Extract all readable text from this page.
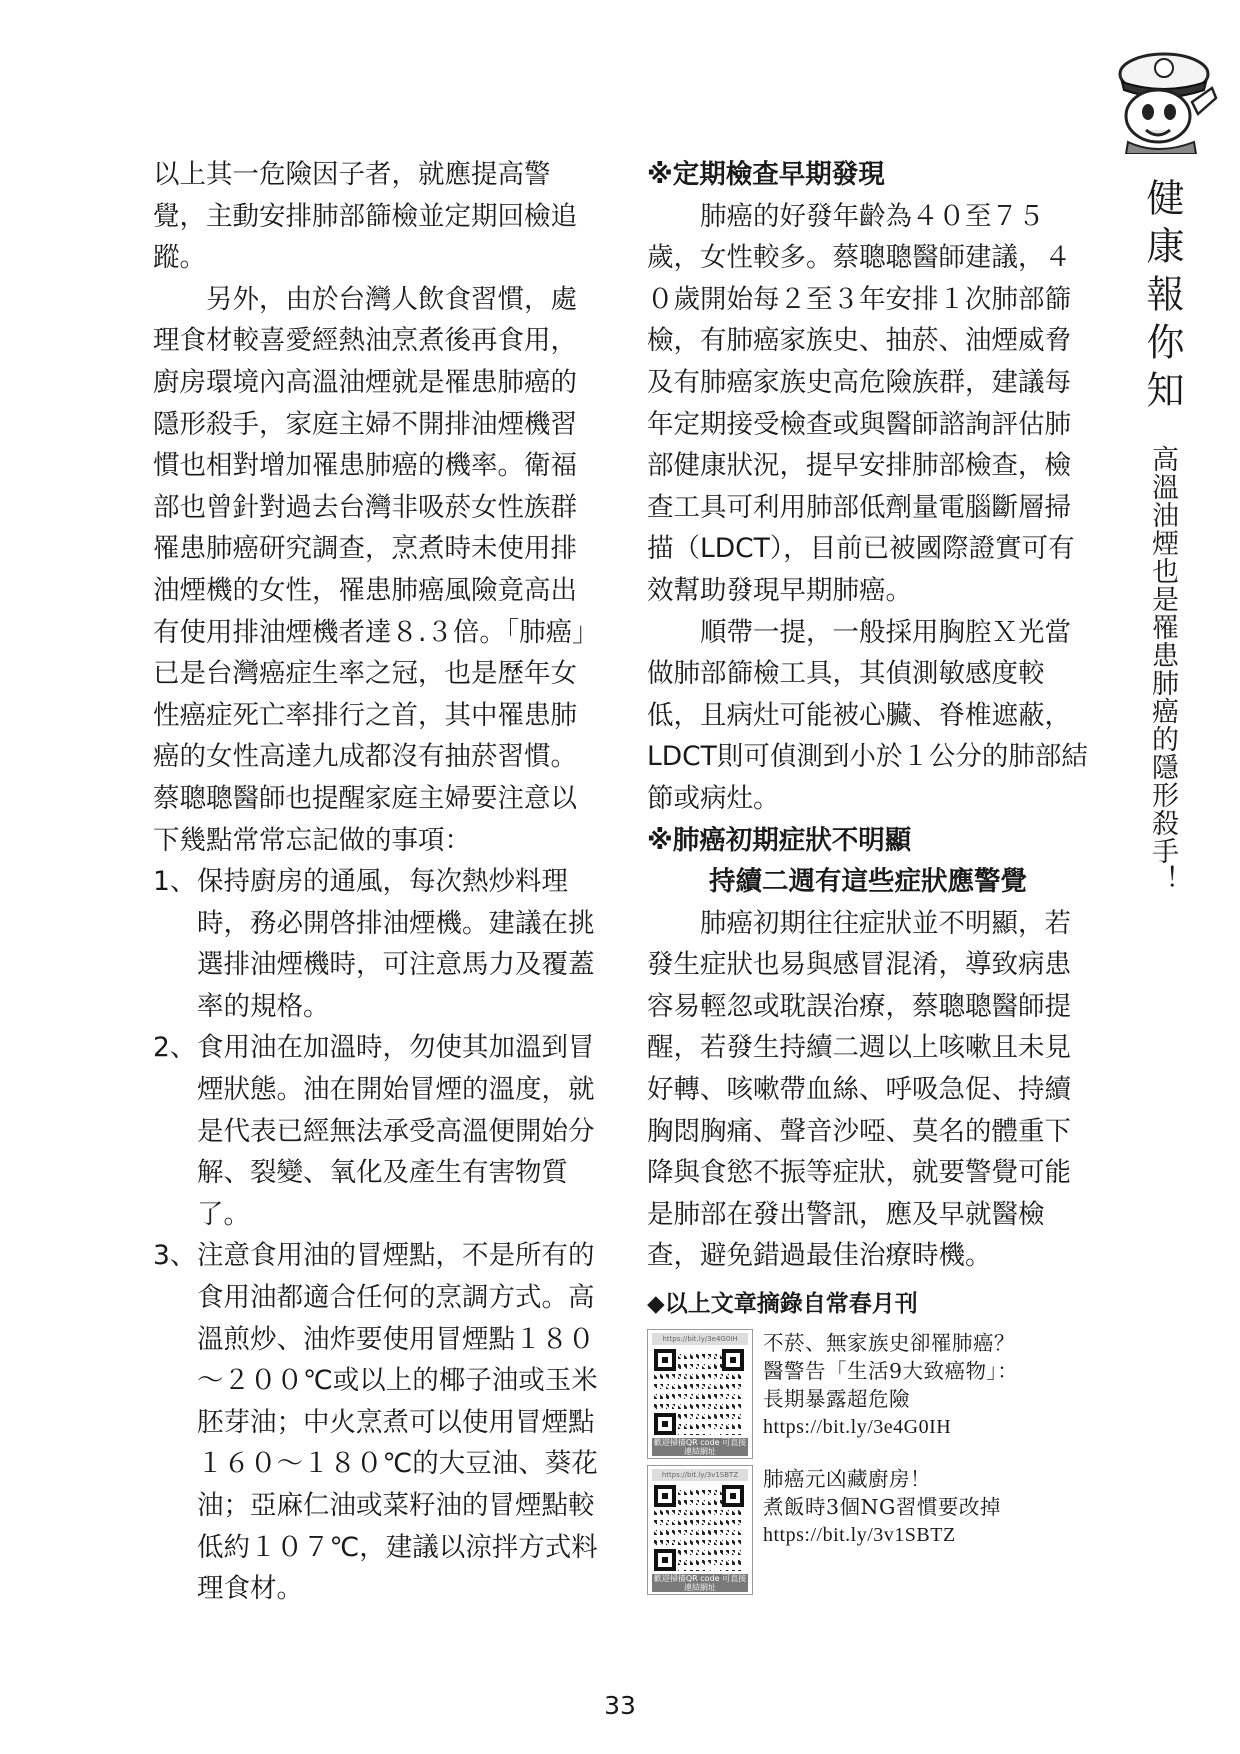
健康報你知
高溫油煙也是罹患肺癌的隱形殺手！

以上其一危險因子者，就應提高警覺，主動安排肺部篩檢並定期回檢追蹤。

另外，由於台灣人飲食習慣，處理食材較喜愛經熱油烹煮後再食用，廚房環境內高溫油煙就是罹患肺癌的隱形殺手，家庭主婦不開排油煙機習慣也相對增加罹患肺癌的機率。衛福部也曾針對過去台灣非吸菸女性族群罹患肺癌研究調查，烹煮時未使用排油煙機的女性，罹患肺癌風險竟高出有使用排油煙機者達８.３倍。「肺癌」已是台灣癌症生率之冠，也是歷年女性癌症死亡率排行之首，其中罹患肺癌的女性高達九成都沒有抽菸習慣。蔡聰聰醫師也提醒家庭主婦要注意以下幾點常常忘記做的事項：

1、 保持廚房的通風，每次熱炒料理時，務必開啓排油煙機。建議在挑選排油煙機時，可注意馬力及覆蓋率的規格。
2、 食用油在加溫時，勿使其加溫到冒煙狀態。油在開始冒煙的溫度，就是代表已經無法承受高溫便開始分解、裂變、氧化及產生有害物質了。
3、 注意食用油的冒煙點，不是所有的食用油都適合任何的烹調方式。高溫煎炒、油炸要使用冒煙點１８０～２００℃或以上的椰子油或玉米胚芽油；中火烹煮可以使用冒煙點１６０～１８０℃的大豆油、葵花油；亞麻仁油或菜籽油的冒煙點較低約１０７℃，建議以涼拌方式料理食材。

※定期檢查早期發現

肺癌的好發年齡為４０至７５歲，女性較多。蔡聰聰醫師建議，４０歲開始每２至３年安排１次肺部篩檢，有肺癌家族史、抽菸、油煙威脅及有肺癌家族史高危險族群，建議每年定期接受檢查或與醫師諮詢評估肺部健康狀況，提早安排肺部檢查，檢查工具可利用肺部低劑量電腦斷層掃描（LDCT），目前已被國際證實可有效幫助發現早期肺癌。

順帶一提，一般採用胸腔Ｘ光當做肺部篩檢工具，其偵測敏感度較低，且病灶可能被心臟、脊椎遮蔽，LDCT則可偵測到小於１公分的肺部結節或病灶。

※肺癌初期症狀不明顯

持續二週有這些症狀應警覺

肺癌初期往往症狀並不明顯，若發生症狀也易與感冒混淆，導致病患容易輕忽或耽誤治療，蔡聰聰醫師提醒，若發生持續二週以上咳嗽且未見好轉、咳嗽帶血絲、呼吸急促、持續胸悶胸痛、聲音沙啞、莫名的體重下降與食慾不振等症狀，就要警覺可能是肺部在發出警訊，應及早就醫檢查，避免錯過最佳治療時機。

◆以上文章摘錄自常春月刊

https://bit.ly/3e4G0IH
歡迎掃描QR code 可直接連結網址
不菸、無家族史卻罹肺癌？
醫警告「生活9大致癌物」：
長期暴露超危險
https://bit.ly/3e4G0IH
https://bit.ly/3v1SBTZ
歡迎掃描QR code 可直接連結網址
肺癌元凶藏廚房！
煮飯時3個NG習慣要改掉
https://bit.ly/3v1SBTZ
33
